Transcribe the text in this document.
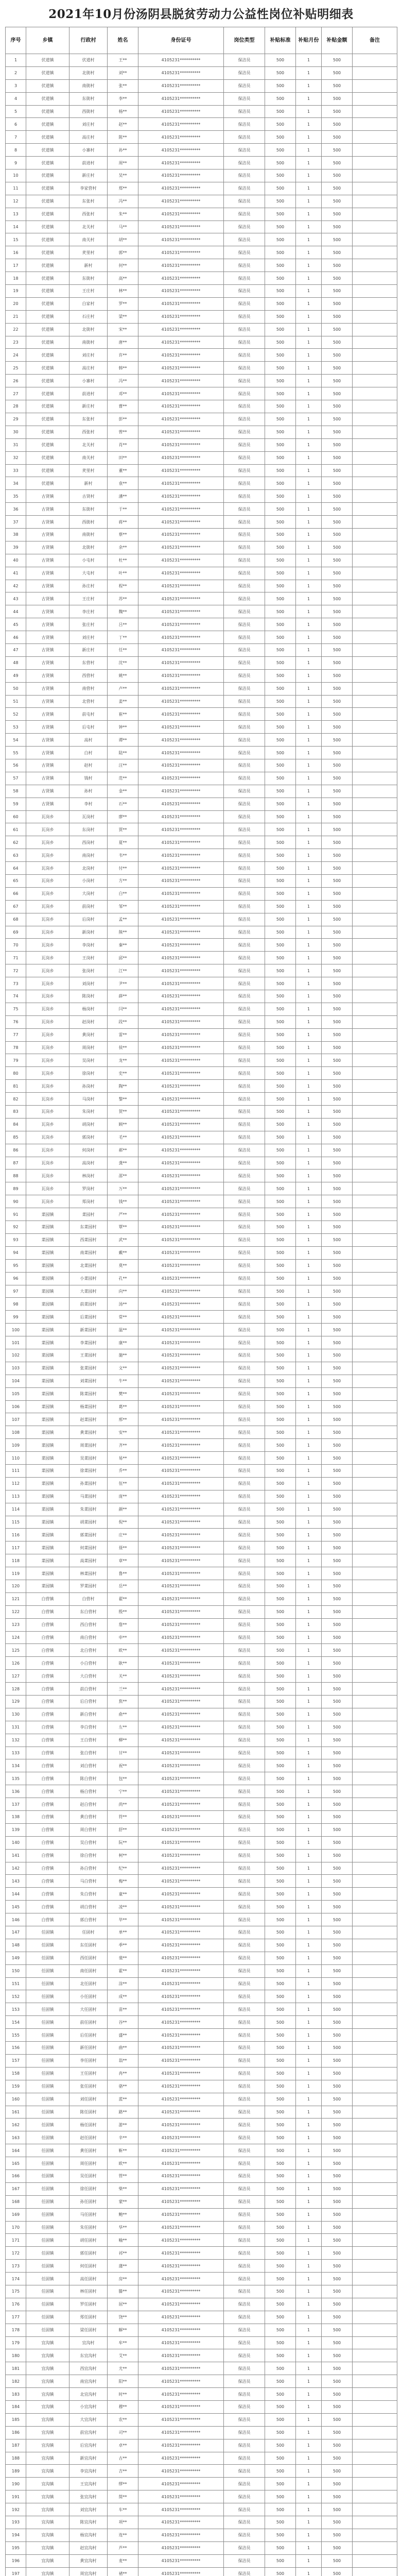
2021年10月份汤阴县脱贫劳动力公益性岗位补贴明细表
序号	乡镇	行政村	姓名	身份证号	岗位类型	补贴标准	补贴月份	补贴金额	备注
1	伏道镇	伏道村	王**	4105231**********	保洁员	500	1	500	
2	伏道镇	北街村	刘**	4105231**********	保洁员	500	1	500	
3	伏道镇	南街村	张**	4105231**********	保洁员	500	1	500	
4	伏道镇	东街村	李**	4105231**********	保洁员	500	1	500	
5	伏道镇	西街村	杨**	4105231**********	保洁员	500	1	500	
6	伏道镇	刘庄村	赵**	4105231**********	保洁员	500	1	500	
7	伏道镇	高庄村	陈**	4105231**********	保洁员	500	1	500	
8	伏道镇	小寨村	孙**	4105231**********	保洁员	500	1	500	
9	伏道镇	前进村	周**	4105231**********	保洁员	500	1	500	
10	伏道镇	新庄村	吴**	4105231**********	保洁员	500	1	500	
11	伏道镇	李家营村	郑**	4105231**********	保洁员	500	1	500	
12	伏道镇	东张村	冯**	4105231**********	保洁员	500	1	500	
13	伏道镇	西张村	朱**	4105231**********	保洁员	500	1	500	
14	伏道镇	北关村	马**	4105231**********	保洁员	500	1	500	
15	伏道镇	南关村	胡**	4105231**********	保洁员	500	1	500	
16	伏道镇	羑里村	郭**	4105231**********	保洁员	500	1	500	
17	伏道镇	新村	何**	4105231**********	保洁员	500	1	500	
18	伏道镇	东街村	高**	4105231**********	保洁员	500	1	500	
19	伏道镇	王庄村	林**	4105231**********	保洁员	500	1	500	
20	伏道镇	白家村	罗**	4105231**********	保洁员	500	1	500	
21	伏道镇	石庄村	梁**	4105231**********	保洁员	500	1	500	
22	伏道镇	北街村	宋**	4105231**********	保洁员	500	1	500	
23	伏道镇	南街村	唐**	4105231**********	保洁员	500	1	500	
24	伏道镇	刘庄村	许**	4105231**********	保洁员	500	1	500	
25	伏道镇	高庄村	韩**	4105231**********	保洁员	500	1	500	
26	伏道镇	小寨村	冯**	4105231**********	保洁员	500	1	500	
27	伏道镇	前进村	邓**	4105231**********	保洁员	500	1	500	
28	伏道镇	新庄村	曹**	4105231**********	保洁员	500	1	500	
29	伏道镇	东张村	彭**	4105231**********	保洁员	500	1	500	
30	伏道镇	西张村	曾**	4105231**********	保洁员	500	1	500	
31	伏道镇	北关村	肖**	4105231**********	保洁员	500	1	500	
32	伏道镇	南关村	田**	4105231**********	保洁员	500	1	500	
33	伏道镇	羑里村	董**	4105231**********	保洁员	500	1	500	
34	伏道镇	新村	袁**	4105231**********	保洁员	500	1	500	
35	古贤镇	古贤村	潘**	4105231**********	保洁员	500	1	500	
36	古贤镇	东街村	于**	4105231**********	保洁员	500	1	500	
37	古贤镇	西街村	蒋**	4105231**********	保洁员	500	1	500	
38	古贤镇	南街村	蔡**	4105231**********	保洁员	500	1	500	
39	古贤镇	北街村	余**	4105231**********	保洁员	500	1	500	
40	古贤镇	小屯村	杜**	4105231**********	保洁员	500	1	500	
41	古贤镇	大屯村	叶**	4105231**********	保洁员	500	1	500	
42	古贤镇	孙庄村	程**	4105231**********	保洁员	500	1	500	
43	古贤镇	王庄村	苏**	4105231**********	保洁员	500	1	500	
44	古贤镇	李庄村	魏**	4105231**********	保洁员	500	1	500	
45	古贤镇	张庄村	吕**	4105231**********	保洁员	500	1	500	
46	古贤镇	刘庄村	丁**	4105231**********	保洁员	500	1	500	
47	古贤镇	新庄村	任**	4105231**********	保洁员	500	1	500	
48	古贤镇	东营村	沈**	4105231**********	保洁员	500	1	500	
49	古贤镇	西营村	姚**	4105231**********	保洁员	500	1	500	
50	古贤镇	南营村	卢**	4105231**********	保洁员	500	1	500	
51	古贤镇	北营村	姜**	4105231**********	保洁员	500	1	500	
52	古贤镇	前屯村	崔**	4105231**********	保洁员	500	1	500	
53	古贤镇	后屯村	钟**	4105231**********	保洁员	500	1	500	
54	古贤镇	高村	谭**	4105231**********	保洁员	500	1	500	
55	古贤镇	白村	陆**	4105231**********	保洁员	500	1	500	
56	古贤镇	赵村	汪**	4105231**********	保洁员	500	1	500	
57	古贤镇	钱村	范**	4105231**********	保洁员	500	1	500	
58	古贤镇	孙村	金**	4105231**********	保洁员	500	1	500	
59	古贤镇	李村	石**	4105231**********	保洁员	500	1	500	
60	瓦岗乡	瓦岗村	廖**	4105231**********	保洁员	500	1	500	
61	瓦岗乡	东岗村	贾**	4105231**********	保洁员	500	1	500	
62	瓦岗乡	西岗村	夏**	4105231**********	保洁员	500	1	500	
63	瓦岗乡	南岗村	韦**	4105231**********	保洁员	500	1	500	
64	瓦岗乡	北岗村	付**	4105231**********	保洁员	500	1	500	
65	瓦岗乡	小岗村	方**	4105231**********	保洁员	500	1	500	
66	瓦岗乡	大岗村	白**	4105231**********	保洁员	500	1	500	
67	瓦岗乡	前岗村	邹**	4105231**********	保洁员	500	1	500	
68	瓦岗乡	后岗村	孟**	4105231**********	保洁员	500	1	500	
69	瓦岗乡	新岗村	熊**	4105231**********	保洁员	500	1	500	
70	瓦岗乡	李岗村	秦**	4105231**********	保洁员	500	1	500	
71	瓦岗乡	王岗村	邱**	4105231**********	保洁员	500	1	500	
72	瓦岗乡	张岗村	江**	4105231**********	保洁员	500	1	500	
73	瓦岗乡	刘岗村	尹**	4105231**********	保洁员	500	1	500	
74	瓦岗乡	陈岗村	薛**	4105231**********	保洁员	500	1	500	
75	瓦岗乡	杨岗村	闫**	4105231**********	保洁员	500	1	500	
76	瓦岗乡	赵岗村	段**	4105231**********	保洁员	500	1	500	
77	瓦岗乡	黄岗村	雷**	4105231**********	保洁员	500	1	500	
78	瓦岗乡	周岗村	侯**	4105231**********	保洁员	500	1	500	
79	瓦岗乡	吴岗村	龙**	4105231**********	保洁员	500	1	500	
80	瓦岗乡	徐岗村	史**	4105231**********	保洁员	500	1	500	
81	瓦岗乡	孙岗村	陶**	4105231**********	保洁员	500	1	500	
82	瓦岗乡	马岗村	黎**	4105231**********	保洁员	500	1	500	
83	瓦岗乡	朱岗村	贺**	4105231**********	保洁员	500	1	500	
84	瓦岗乡	胡岗村	顾**	4105231**********	保洁员	500	1	500	
85	瓦岗乡	郭岗村	毛**	4105231**********	保洁员	500	1	500	
86	瓦岗乡	何岗村	郝**	4105231**********	保洁员	500	1	500	
87	瓦岗乡	高岗村	龚**	4105231**********	保洁员	500	1	500	
88	瓦岗乡	林岗村	邵**	4105231**********	保洁员	500	1	500	
89	瓦岗乡	罗岗村	万**	4105231**********	保洁员	500	1	500	
90	瓦岗乡	郑岗村	钱**	4105231**********	保洁员	500	1	500	
91	菜园镇	菜园村	严**	4105231**********	保洁员	500	1	500	
92	菜园镇	东菜园村	覃**	4105231**********	保洁员	500	1	500	
93	菜园镇	西菜园村	武**	4105231**********	保洁员	500	1	500	
94	菜园镇	南菜园村	戴**	4105231**********	保洁员	500	1	500	
95	菜园镇	北菜园村	莫**	4105231**********	保洁员	500	1	500	
96	菜园镇	小菜园村	孔**	4105231**********	保洁员	500	1	500	
97	菜园镇	大菜园村	向**	4105231**********	保洁员	500	1	500	
98	菜园镇	前菜园村	汤**	4105231**********	保洁员	500	1	500	
99	菜园镇	后菜园村	常**	4105231**********	保洁员	500	1	500	
100	菜园镇	新菜园村	温**	4105231**********	保洁员	500	1	500	
101	菜园镇	李菜园村	康**	4105231**********	保洁员	500	1	500	
102	菜园镇	王菜园村	施**	4105231**********	保洁员	500	1	500	
103	菜园镇	张菜园村	文**	4105231**********	保洁员	500	1	500	
104	菜园镇	刘菜园村	牛**	4105231**********	保洁员	500	1	500	
105	菜园镇	陈菜园村	樊**	4105231**********	保洁员	500	1	500	
106	菜园镇	杨菜园村	葛**	4105231**********	保洁员	500	1	500	
107	菜园镇	赵菜园村	邢**	4105231**********	保洁员	500	1	500	
108	菜园镇	黄菜园村	安**	4105231**********	保洁员	500	1	500	
109	菜园镇	周菜园村	齐**	4105231**********	保洁员	500	1	500	
110	菜园镇	吴菜园村	易**	4105231**********	保洁员	500	1	500	
111	菜园镇	徐菜园村	乔**	4105231**********	保洁员	500	1	500	
112	菜园镇	孙菜园村	伍**	4105231**********	保洁员	500	1	500	
113	菜园镇	马菜园村	庞**	4105231**********	保洁员	500	1	500	
114	菜园镇	朱菜园村	颜**	4105231**********	保洁员	500	1	500	
115	菜园镇	胡菜园村	倪**	4105231**********	保洁员	500	1	500	
116	菜园镇	郭菜园村	庄**	4105231**********	保洁员	500	1	500	
117	菜园镇	何菜园村	聂**	4105231**********	保洁员	500	1	500	
118	菜园镇	高菜园村	章**	4105231**********	保洁员	500	1	500	
119	菜园镇	林菜园村	鲁**	4105231**********	保洁员	500	1	500	
120	菜园镇	罗菜园村	岳**	4105231**********	保洁员	500	1	500	
121	白营镇	白营村	翟**	4105231**********	保洁员	500	1	500	
122	白营镇	东白营村	殷**	4105231**********	保洁员	500	1	500	
123	白营镇	西白营村	詹**	4105231**********	保洁员	500	1	500	
124	白营镇	南白营村	申**	4105231**********	保洁员	500	1	500	
125	白营镇	北白营村	欧**	4105231**********	保洁员	500	1	500	
126	白营镇	小白营村	耿**	4105231**********	保洁员	500	1	500	
127	白营镇	大白营村	关**	4105231**********	保洁员	500	1	500	
128	白营镇	前白营村	兰**	4105231**********	保洁员	500	1	500	
129	白营镇	后白营村	焦**	4105231**********	保洁员	500	1	500	
130	白营镇	新白营村	俞**	4105231**********	保洁员	500	1	500	
131	白营镇	李白营村	左**	4105231**********	保洁员	500	1	500	
132	白营镇	王白营村	柳**	4105231**********	保洁员	500	1	500	
133	白营镇	张白营村	甘**	4105231**********	保洁员	500	1	500	
134	白营镇	刘白营村	祝**	4105231**********	保洁员	500	1	500	
135	白营镇	陈白营村	包**	4105231**********	保洁员	500	1	500	
136	白营镇	杨白营村	宁**	4105231**********	保洁员	500	1	500	
137	白营镇	赵白营村	尚**	4105231**********	保洁员	500	1	500	
138	白营镇	黄白营村	符**	4105231**********	保洁员	500	1	500	
139	白营镇	周白营村	舒**	4105231**********	保洁员	500	1	500	
140	白营镇	吴白营村	阮**	4105231**********	保洁员	500	1	500	
141	白营镇	徐白营村	柯**	4105231**********	保洁员	500	1	500	
142	白营镇	孙白营村	纪**	4105231**********	保洁员	500	1	500	
143	白营镇	马白营村	梅**	4105231**********	保洁员	500	1	500	
144	白营镇	朱白营村	童**	4105231**********	保洁员	500	1	500	
145	白营镇	胡白营村	凌**	4105231**********	保洁员	500	1	500	
146	白营镇	郭白营村	毕**	4105231**********	保洁员	500	1	500	
147	任固镇	任固村	单**	4105231**********	保洁员	500	1	500	
148	任固镇	东任固村	季**	4105231**********	保洁员	500	1	500	
149	任固镇	西任固村	裴**	4105231**********	保洁员	500	1	500	
150	任固镇	南任固村	霍**	4105231**********	保洁员	500	1	500	
151	任固镇	北任固村	涂**	4105231**********	保洁员	500	1	500	
152	任固镇	小任固村	成**	4105231**********	保洁员	500	1	500	
153	任固镇	大任固村	苗**	4105231**********	保洁员	500	1	500	
154	任固镇	前任固村	谷**	4105231**********	保洁员	500	1	500	
155	任固镇	后任固村	盛**	4105231**********	保洁员	500	1	500	
156	任固镇	新任固村	曲**	4105231**********	保洁员	500	1	500	
157	任固镇	李任固村	翁**	4105231**********	保洁员	500	1	500	
158	任固镇	王任固村	冉**	4105231**********	保洁员	500	1	500	
159	任固镇	张任固村	骆**	4105231**********	保洁员	500	1	500	
160	任固镇	刘任固村	蓝**	4105231**********	保洁员	500	1	500	
161	任固镇	陈任固村	路**	4105231**********	保洁员	500	1	500	
162	任固镇	杨任固村	游**	4105231**********	保洁员	500	1	500	
163	任固镇	赵任固村	辛**	4105231**********	保洁员	500	1	500	
164	任固镇	黄任固村	靳**	4105231**********	保洁员	500	1	500	
165	任固镇	周任固村	欧**	4105231**********	保洁员	500	1	500	
166	任固镇	吴任固村	管**	4105231**********	保洁员	500	1	500	
167	任固镇	徐任固村	柴**	4105231**********	保洁员	500	1	500	
168	任固镇	孙任固村	蒙**	4105231**********	保洁员	500	1	500	
169	任固镇	马任固村	鲍**	4105231**********	保洁员	500	1	500	
170	任固镇	朱任固村	华**	4105231**********	保洁员	500	1	500	
171	任固镇	胡任固村	喻**	4105231**********	保洁员	500	1	500	
172	任固镇	郭任固村	祁**	4105231**********	保洁员	500	1	500	
173	任固镇	何任固村	蒲**	4105231**********	保洁员	500	1	500	
174	任固镇	高任固村	房**	4105231**********	保洁员	500	1	500	
175	任固镇	林任固村	滕**	4105231**********	保洁员	500	1	500	
176	任固镇	罗任固村	屈**	4105231**********	保洁员	500	1	500	
177	任固镇	郑任固村	饶**	4105231**********	保洁员	500	1	500	
178	任固镇	梁任固村	解**	4105231**********	保洁员	500	1	500	
179	宜沟镇	宜沟村	牟**	4105231**********	保洁员	500	1	500	
180	宜沟镇	东宜沟村	艾**	4105231**********	保洁员	500	1	500	
181	宜沟镇	西宜沟村	尤**	4105231**********	保洁员	500	1	500	
182	宜沟镇	南宜沟村	阳**	4105231**********	保洁员	500	1	500	
183	宜沟镇	北宜沟村	时**	4105231**********	保洁员	500	1	500	
184	宜沟镇	小宜沟村	穆**	4105231**********	保洁员	500	1	500	
185	宜沟镇	大宜沟村	农**	4105231**********	保洁员	500	1	500	
186	宜沟镇	前宜沟村	司**	4105231**********	保洁员	500	1	500	
187	宜沟镇	后宜沟村	卓**	4105231**********	保洁员	500	1	500	
188	宜沟镇	新宜沟村	古**	4105231**********	保洁员	500	1	500	
189	宜沟镇	李宜沟村	吉**	4105231**********	保洁员	500	1	500	
190	宜沟镇	王宜沟村	缪**	4105231**********	保洁员	500	1	500	
191	宜沟镇	张宜沟村	简**	4105231**********	保洁员	500	1	500	
192	宜沟镇	刘宜沟村	车**	4105231**********	保洁员	500	1	500	
193	宜沟镇	陈宜沟村	项**	4105231**********	保洁员	500	1	500	
194	宜沟镇	杨宜沟村	连**	4105231**********	保洁员	500	1	500	
195	宜沟镇	赵宜沟村	芦**	4105231**********	保洁员	500	1	500	
196	宜沟镇	黄宜沟村	麦**	4105231**********	保洁员	500	1	500	
197	宜沟镇	周宜沟村	褚**	4105231**********	保洁员	500	1	500	
